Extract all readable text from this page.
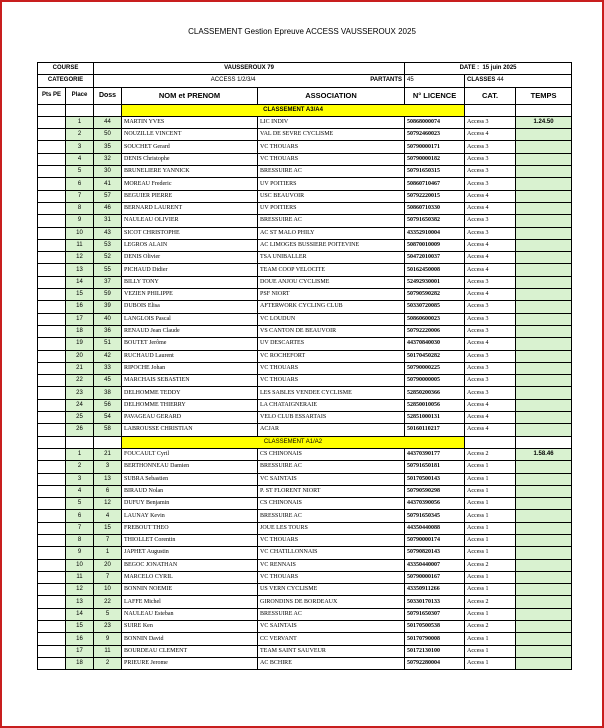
CLASSEMENT Gestion Epreuve ACCESS VAUSSEROUX 2025
COURSE		VAUSSEROUX 79			DATE : 15 juin 2025		
CATEGORIE		ACCESS 1/2/3/4 PARTANTS			45	CLASSES 44	
Pts PE	Place	Doss	NOM et PRENOM	ASSOCIATION	N° LICENCE	CAT.	TEMPS
			CLASSEMENT A3/A4				
	1	44	MARTIN YVES	LIC INDIV	50868000074	Access 3	1.24.50
	2	50	NOUZILLE VINCENT	VAL DE SEVRE CYCLISME	50792460023	Access 4	
	3	35	SOUCHET Gerard	VC THOUARS	50790000171	Access 3	
	4	32	DENIS Christophe	VC THOUARS	50790000182	Access 3	
	5	30	BRUNELIERE YANNICK	BRESSUIRE AC	50791650315	Access 3	
	6	41	MOREAU Frederic	UV POITIERS	50860710467	Access 3	
	7	57	BEGUIER PIERRE	USC BEAUVOIR	50792220015	Access 4	
	8	46	BERNARD LAURENT	UV POITIERS	50860710330	Access 4	
	9	31	NAULEAU OLIVIER	BRESSUIRE AC	50791650382	Access 3	
	10	43	SICOT CHRISTOPHE	AC ST MALO PHILY	43352910004	Access 3	
	11	53	LEGROS ALAIN	AC LIMOGES BUSSIERE POITEVINE	50870010009	Access 4	
	12	52	DENIS Olivier	TSA UNIBALLER	50472010037	Access 4	
	13	55	PICHAUD Didier	TEAM COOP VELOCITE	50162450008	Access 4	
	14	37	BILLY TONY	DOUE ANJOU CYCLISME	52492930001	Access 3	
	15	59	VEZIEN PHILIPPE	PSF NIORT	50790590282	Access 4	
	16	39	DUBOIS Elisa	AFTERWORK CYCLING CLUB	50330720085	Access 3	
	17	40	LANGLOIS Pascal	VC LOUDUN	50860600023	Access 3	
	18	36	RENAUD Jean Claude	VS CANTON DE BEAUVOIR	50792220006	Access 3	
	19	51	BOUTET Jerôme	UV DESCARTES	44370840030	Access 4	
	20	42	RUCHAUD Laurent	VC ROCHEFORT	50170450282	Access 3	
	21	33	RIPOCHE Johan	VC THOUARS	50790000225	Access 3	
	22	45	MARCHAIS SEBASTIEN	VC THOUARS	50790000005	Access 3	
	23	38	DELHOMME TEDDY	LES SABLES VENDEE CYCLISME	52850200366	Access 3	
	24	56	DELHOMME THIERRY	LA CHATAIGNERAIE	52850010056	Access 4	
	25	54	PAVAGEAU GERARD	VELO CLUB ESSARTAIS	52851000131	Access 4	
	26	58	LABROUSSE CHRISTIAN	ACJAR	50160110217	Access 4	
			CLASSEMENT A1/A2				
	1	21	FOUCAULT Cyril	CS CHINONAIS	44370390177	Access 2	1.58.46
	2	3	BERTHONNEAU Damien	BRESSUIRE AC	50791650181	Access 1	
	3	13	SUBRA Sebastien	VC SAINTAIS	50170500143	Access 1	
	4	6	BIRAUD Nolan	P. ST FLORENT NIORT	50790590298	Access 1	
	5	12	DUFUY Benjamin	CS CHINONAIS	44370390056	Access 1	
	6	4	LAUNAY Kevin	BRESSUIRE AC	50791650345	Access 1	
	7	15	FREBOUT THEO	JOUE LES TOURS	44350440088	Access 1	
	8	7	THIOLLET Corentin	VC THOUARS	50790000174	Access 1	
	9	1	JAPHET Augustin	VC CHATILLONNAIS	50790820143	Access 1	
	10	20	BEGOC JONATHAN	VC RENNAIS	43350440007	Access 2	
	11	7	MARCELO CYRIL	VC THOUARS	50790000167	Access 1	
	12	10	BONNIN NOEMIE	US VERN CYCLISME	43350911266	Access 1	
	13	22	LAFFE Michel	GIRONDINS DE BORDEAUX	50330170133	Access 2	
	14	5	NAULEAU Esteban	BRESSUIRE AC	50791650307	Access 1	
	15	23	SUIRE Ken	VC SAINTAIS	50170500538	Access 2	
	16	9	BONNIN David	CC VERVANT	50170790008	Access 1	
	17	11	BOURDEAU CLEMENT	TEAM SAINT SAUVEUR	50172130100	Access 1	
	18	2	PRIEURE Jerome	AC BCHIRE	50792280004	Access 1	
